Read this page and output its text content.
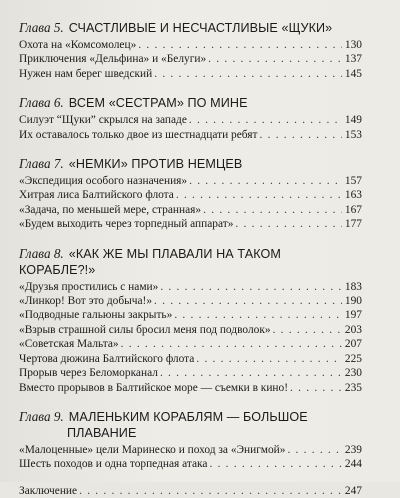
Глава 5. СЧАСТЛИВЫЕ И НЕСЧАСТЛИВЫЕ «ЩУКИ»
Охота на «Комсомолец» . . .	130
Приключения «Дельфина» и «Белуги» . . .	137
Нужен нам берег шведский . . .	145
Глава 6. ВСЕМ «СЕСТРАМ» ПО МИНЕ
Силуэт “Щуки” скрылся на западе . . .	149
Их оставалось только двое из шестнадцати ребят . . .	153
Глава 7. «НЕМКИ» ПРОТИВ НЕМЦЕВ
«Экспедиция особого назначения» . . .	157
Хитрая лиса Балтийского флота . . .	163
«Задача, по меньшей мере, странная» . . .	167
«Будем выходить через торпедный аппарат» . . .	177
Глава 8. «КАК ЖЕ МЫ ПЛАВАЛИ НА ТАКОМ
КОРАБЛЕ?!»
«Друзья простились с нами» . . .	183
«Линкор! Вот это добыча!» . . .	190
«Подводные гальюны закрыть» . . .	197
«Взрыв страшной силы бросил меня под подволок» . . .	203
«Советская Мальта» . . .	207
Чертова дюжина Балтийского флота . . .	225
Прорыв через Беломорканал . . .	230
Вместо прорывов в Балтийское море — съемки в кино! . . .	235
Глава 9. МАЛЕНЬКИМ КОРАБЛЯМ — БОЛЬШОЕ
ПЛАВАНИЕ
«Малоценные» цели Маринеско и поход за «Энигмой» . . .	239
Шесть походов и одна торпедная атака . . .	244
Заключение . . .	247
